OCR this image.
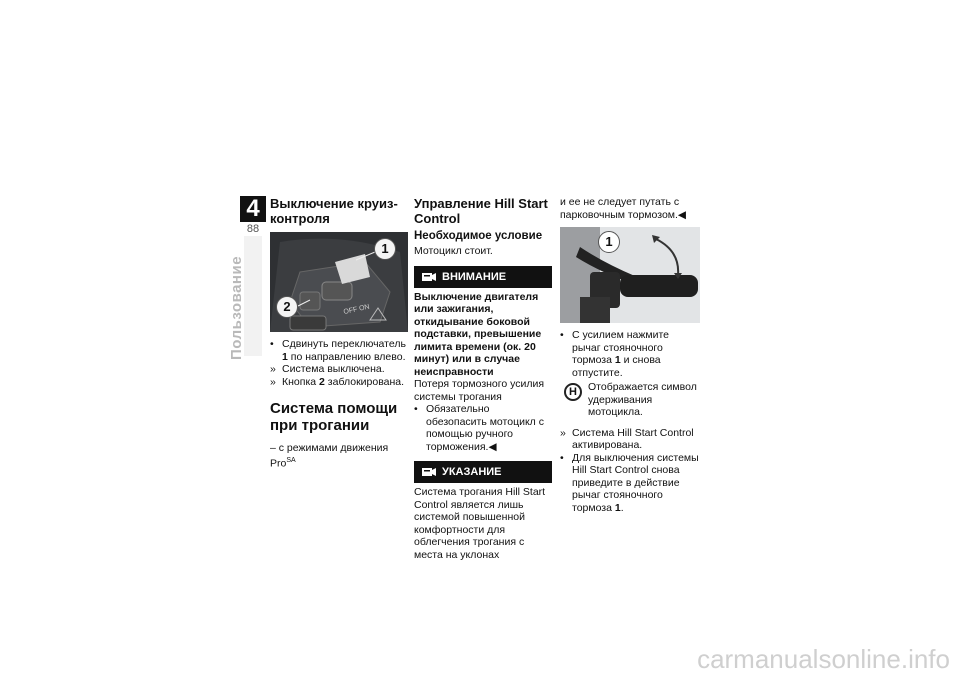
4
88
Пользование
Выключение круиз-контроля
OFF ON
1
2
• Сдвинуть переключатель 1 по направлению влево.
» Система выключена.
» Кнопка 2 заблокирована.
Система помощи при трогании

– с режимами движения Pro$^{SA}$

Управление Hill Start Control
Необходимое условие

Мотоцикл стоит.

ВНИМАНИЕ

Выключение двигателя или зажигания, откидывание боковой подставки, превышение лимита времени (ок. 20 минут) или в случае неисправности

Потеря тормозного усилия системы трогания

• Обязательно обезопасить мотоцикл с помощью ручного торможения.◀
УКАЗАНИЕ

Система трогания Hill Start Control является лишь системой повышенной комфортности для облегчения трогания с места на уклонах

и ее не следует путать с парковочным тормозом.◀

1
• С усилием нажмите рычаг стояночного тормоза 1 и снова отпустите.
H	Отображается символ удерживания мотоцикла.

» Система Hill Start Control активирована.
• Для выключения системы Hill Start Control снова приведите в действие рычаг стояночного тормоза 1.
carmanualsonline.info
